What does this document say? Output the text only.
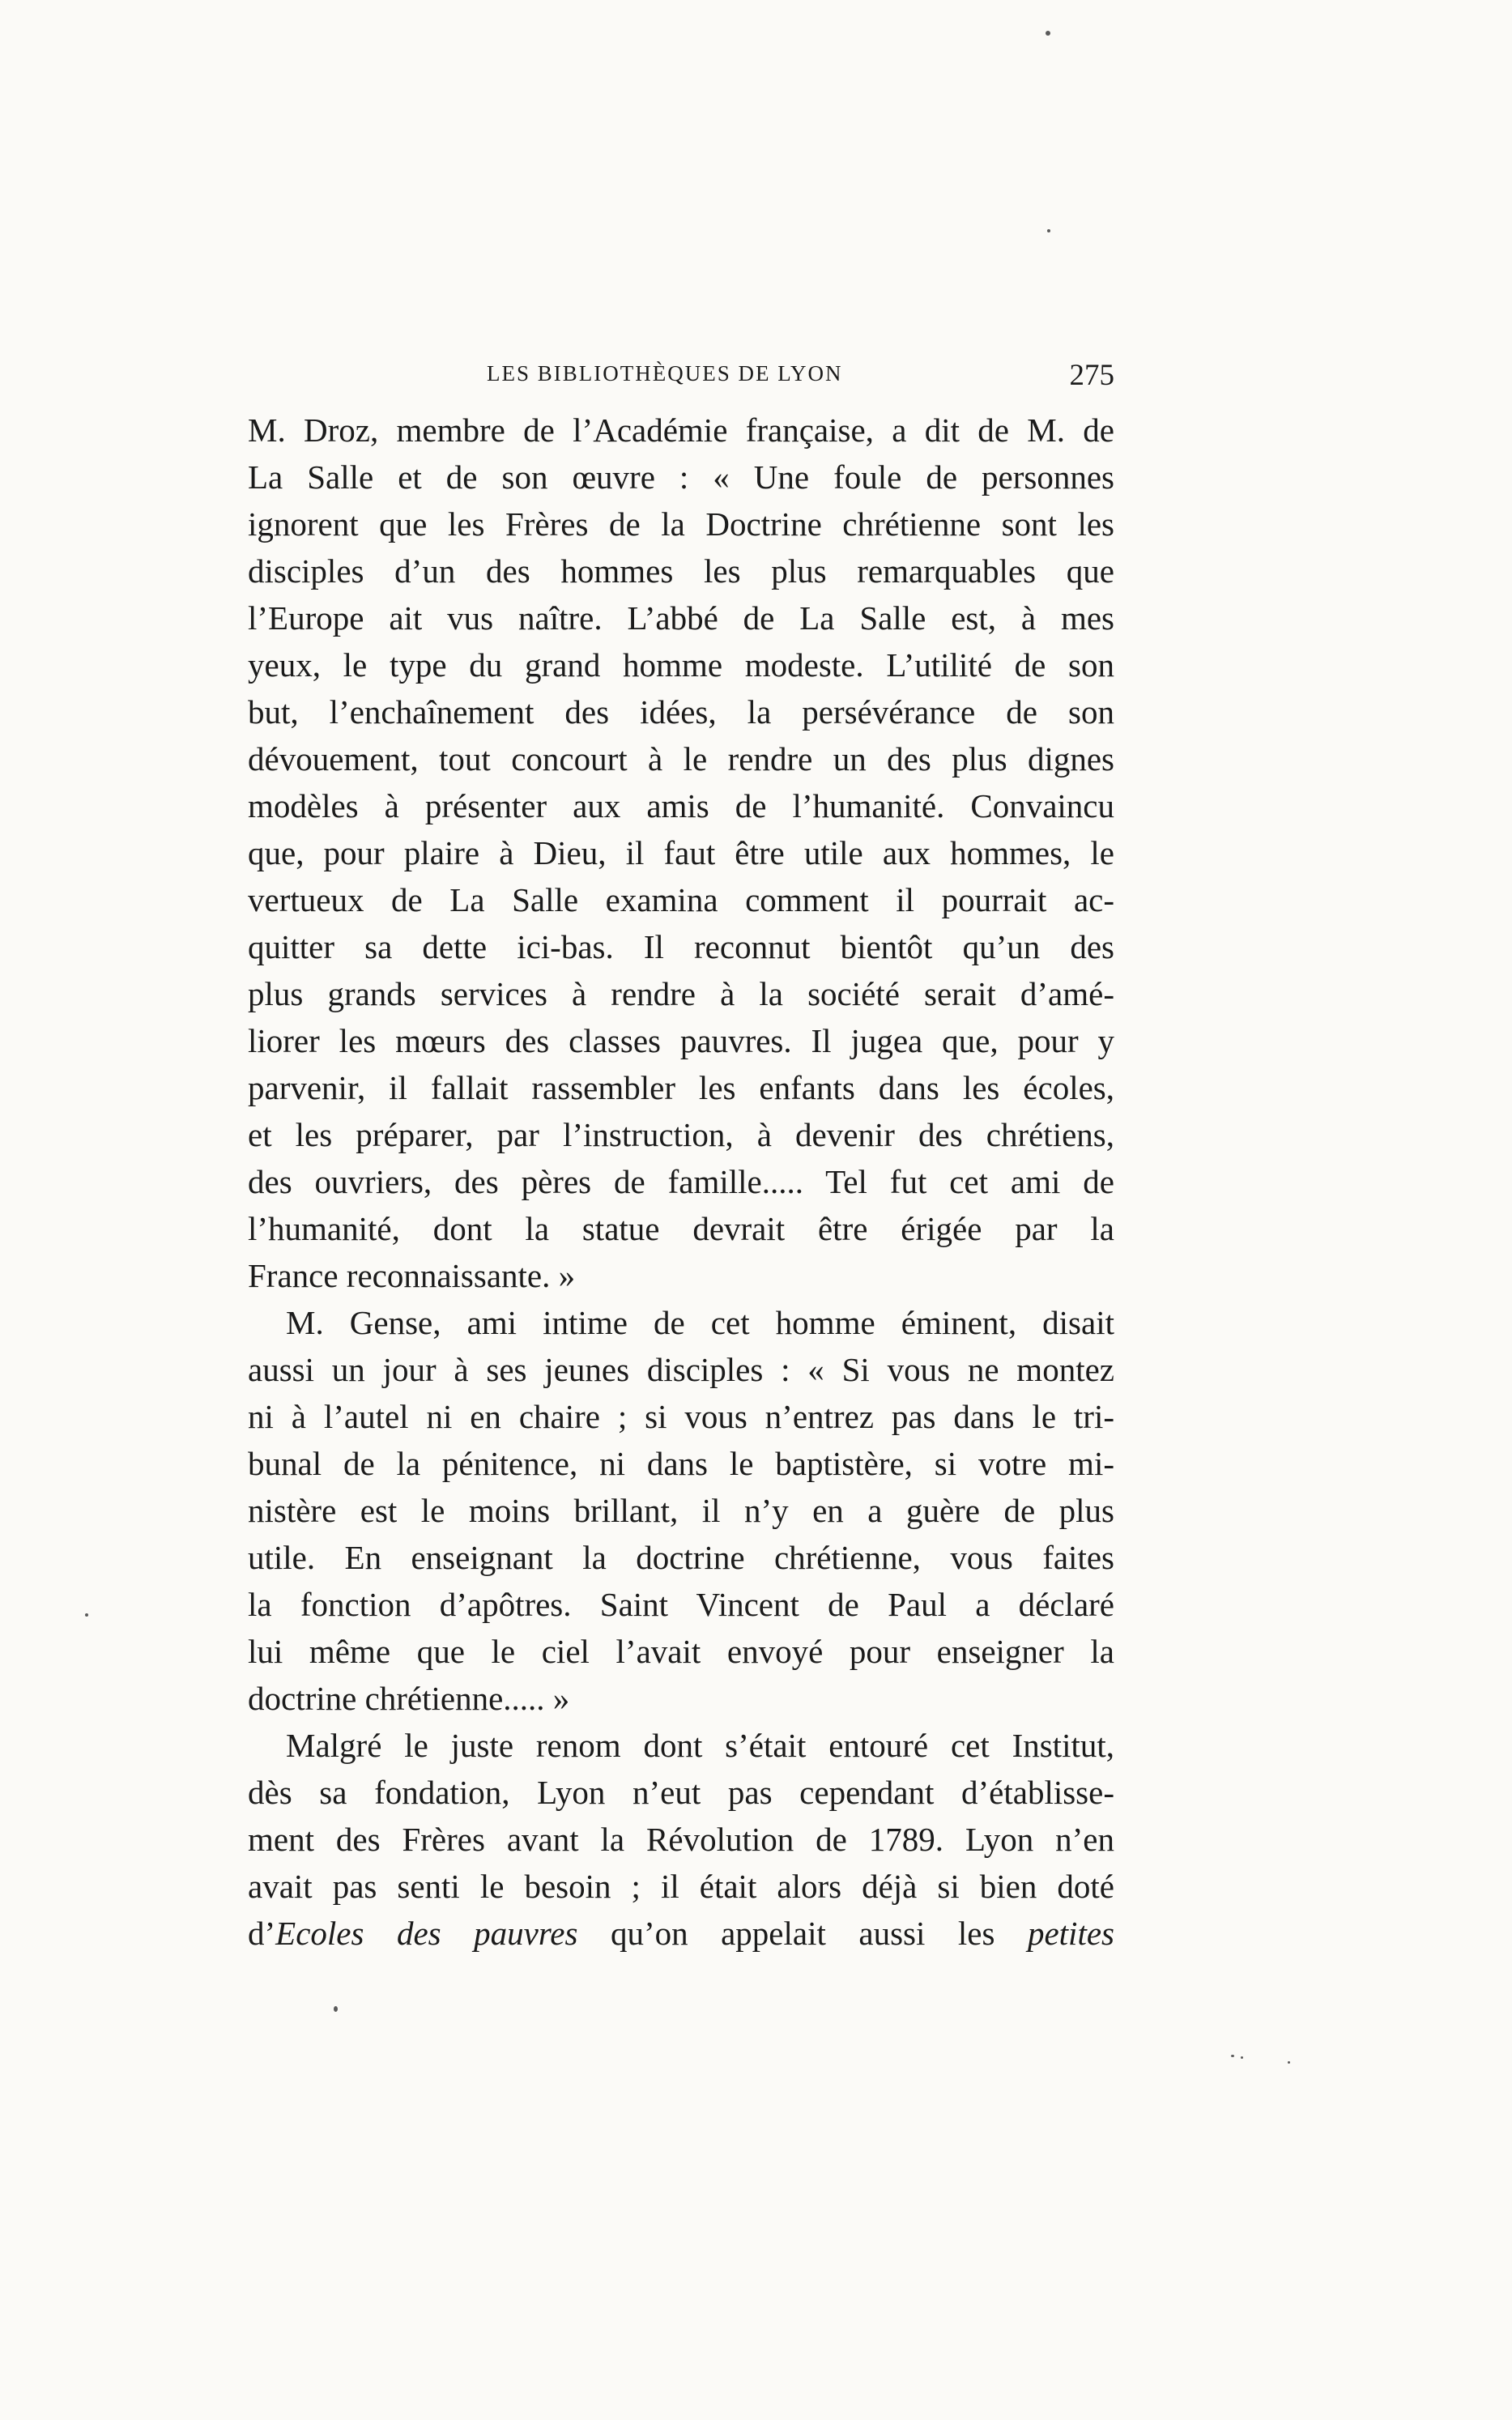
LES BIBLIOTHÈQUES DE LYON	275
M. Droz, membre de l’Académie française, a dit de M. de
La Salle et de son œuvre : « Une foule de personnes
ignorent que les Frères de la Doctrine chrétienne sont les
disciples d’un des hommes les plus remarquables que
l’Europe ait vus naître. L’abbé de La Salle est, à mes
yeux, le type du grand homme modeste. L’utilité de son
but, l’enchaînement des idées, la persévérance de son
dévouement, tout concourt à le rendre un des plus dignes
modèles à présenter aux amis de l’humanité. Convaincu
que, pour plaire à Dieu, il faut être utile aux hommes, le
vertueux de La Salle examina comment il pourrait ac-
quitter sa dette ici-bas. Il reconnut bientôt qu’un des
plus grands services à rendre à la société serait d’amé-
liorer les mœurs des classes pauvres. Il jugea que, pour y
parvenir, il fallait rassembler les enfants dans les écoles,
et les préparer, par l’instruction, à devenir des chrétiens,
des ouvriers, des pères de famille..... Tel fut cet ami de
l’humanité, dont la statue devrait être érigée par la
France reconnaissante. »
M. Gense, ami intime de cet homme éminent, disait
aussi un jour à ses jeunes disciples : « Si vous ne montez
ni à l’autel ni en chaire ; si vous n’entrez pas dans le tri-
bunal de la pénitence, ni dans le baptistère, si votre mi-
nistère est le moins brillant, il n’y en a guère de plus
utile. En enseignant la doctrine chrétienne, vous faites
la fonction d’apôtres. Saint Vincent de Paul a déclaré
lui même que le ciel l’avait envoyé pour enseigner la
doctrine chrétienne..... »
Malgré le juste renom dont s’était entouré cet Institut,
dès sa fondation, Lyon n’eut pas cependant d’établisse-
ment des Frères avant la Révolution de 1789. Lyon n’en
avait pas senti le besoin ; il était alors déjà si bien doté
d’Ecoles des pauvres qu’on appelait aussi les petites
